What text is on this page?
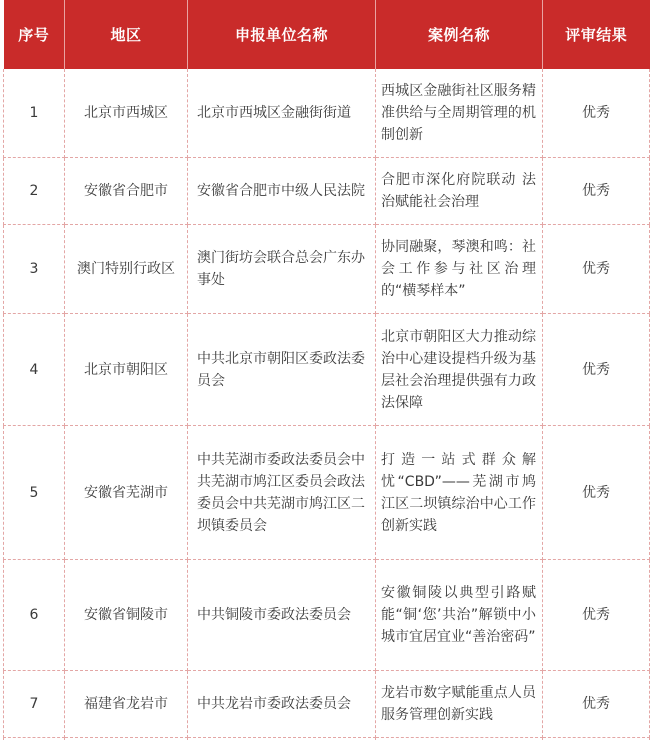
序号	地区	申报单位名称	案例名称	评审结果
1	北京市西城区	北京市西城区金融街街道	西城区金融街社区服务精准供给与全周期管理的机制创新	优秀
2	安徽省合肥市	安徽省合肥市中级人民法院	合肥市深化府院联动 法治赋能社会治理	优秀
3	澳门特别行政区	澳门街坊会联合总会广东办事处	协同融聚，琴澳和鸣：社会工作参与社区治理的“横琴样本”	优秀
4	北京市朝阳区	中共北京市朝阳区委政法委员会	北京市朝阳区大力推动综治中心建设提档升级为基层社会治理提供强有力政法保障	优秀
5	安徽省芜湖市	中共芜湖市委政法委员会中共芜湖市鸠江区委员会政法委员会中共芜湖市鸠江区二坝镇委员会	打造一站式群众解忧“CBD”——芜湖市鸠江区二坝镇综治中心工作创新实践	优秀
6	安徽省铜陵市	中共铜陵市委政法委员会	安徽铜陵以典型引路赋能“铜‘您’共治”解锁中小城市宜居宜业“善治密码”	优秀
7	福建省龙岩市	中共龙岩市委政法委员会	龙岩市数字赋能重点人员服务管理创新实践	优秀
